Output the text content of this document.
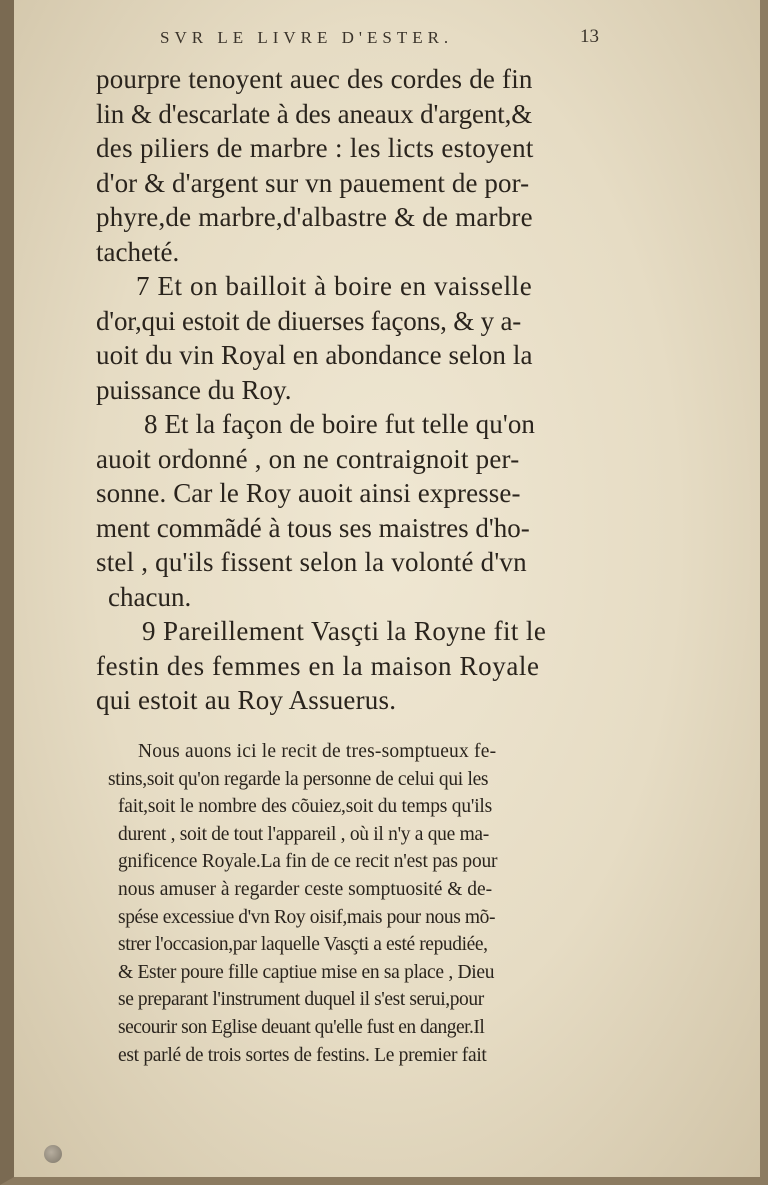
SVR LE LIVRE D'ESTER.	13
pourpre tenoyent auec des cordes de fin
lin & d'escarlate à des aneaux d'argent,&
des piliers de marbre : les licts estoyent
d'or & d'argent sur vn pauement de por-
phyre,de marbre,d'albastre & de marbre
tacheté.
7 Et on bailloit à boire en vaisselle
d'or,qui estoit de diuerses façons, & y a-
uoit du vin Royal en abondance selon la
puissance du Roy.
8 Et la façon de boire fut telle qu'on
auoit ordonné , on ne contraignoit per-
sonne. Car le Roy auoit ainsi expresse-
ment commãdé à tous ses maistres d'ho-
stel , qu'ils fissent selon la volonté d'vn
chacun.
9 Pareillement Vasçti la Royne fit le
festin des femmes en la maison Royale
qui estoit au Roy Assuerus.
Nous auons ici le recit de tres-somptueux fe-
stins,soit qu'on regarde la personne de celui qui les
fait,soit le nombre des cõuiez,soit du temps qu'ils
durent , soit de tout l'appareil , où il n'y a que ma-
gnificence Royale.La fin de ce recit n'est pas pour
nous amuser à regarder ceste somptuosité & de-
spése excessiue d'vn Roy oisif,mais pour nous mõ-
strer l'occasion,par laquelle Vasçti a esté repudiée,
& Ester poure fille captiue mise en sa place , Dieu
se preparant l'instrument duquel il s'est serui,pour
secourir son Eglise deuant qu'elle fust en danger.Il
est parlé de trois sortes de festins. Le premier fait
